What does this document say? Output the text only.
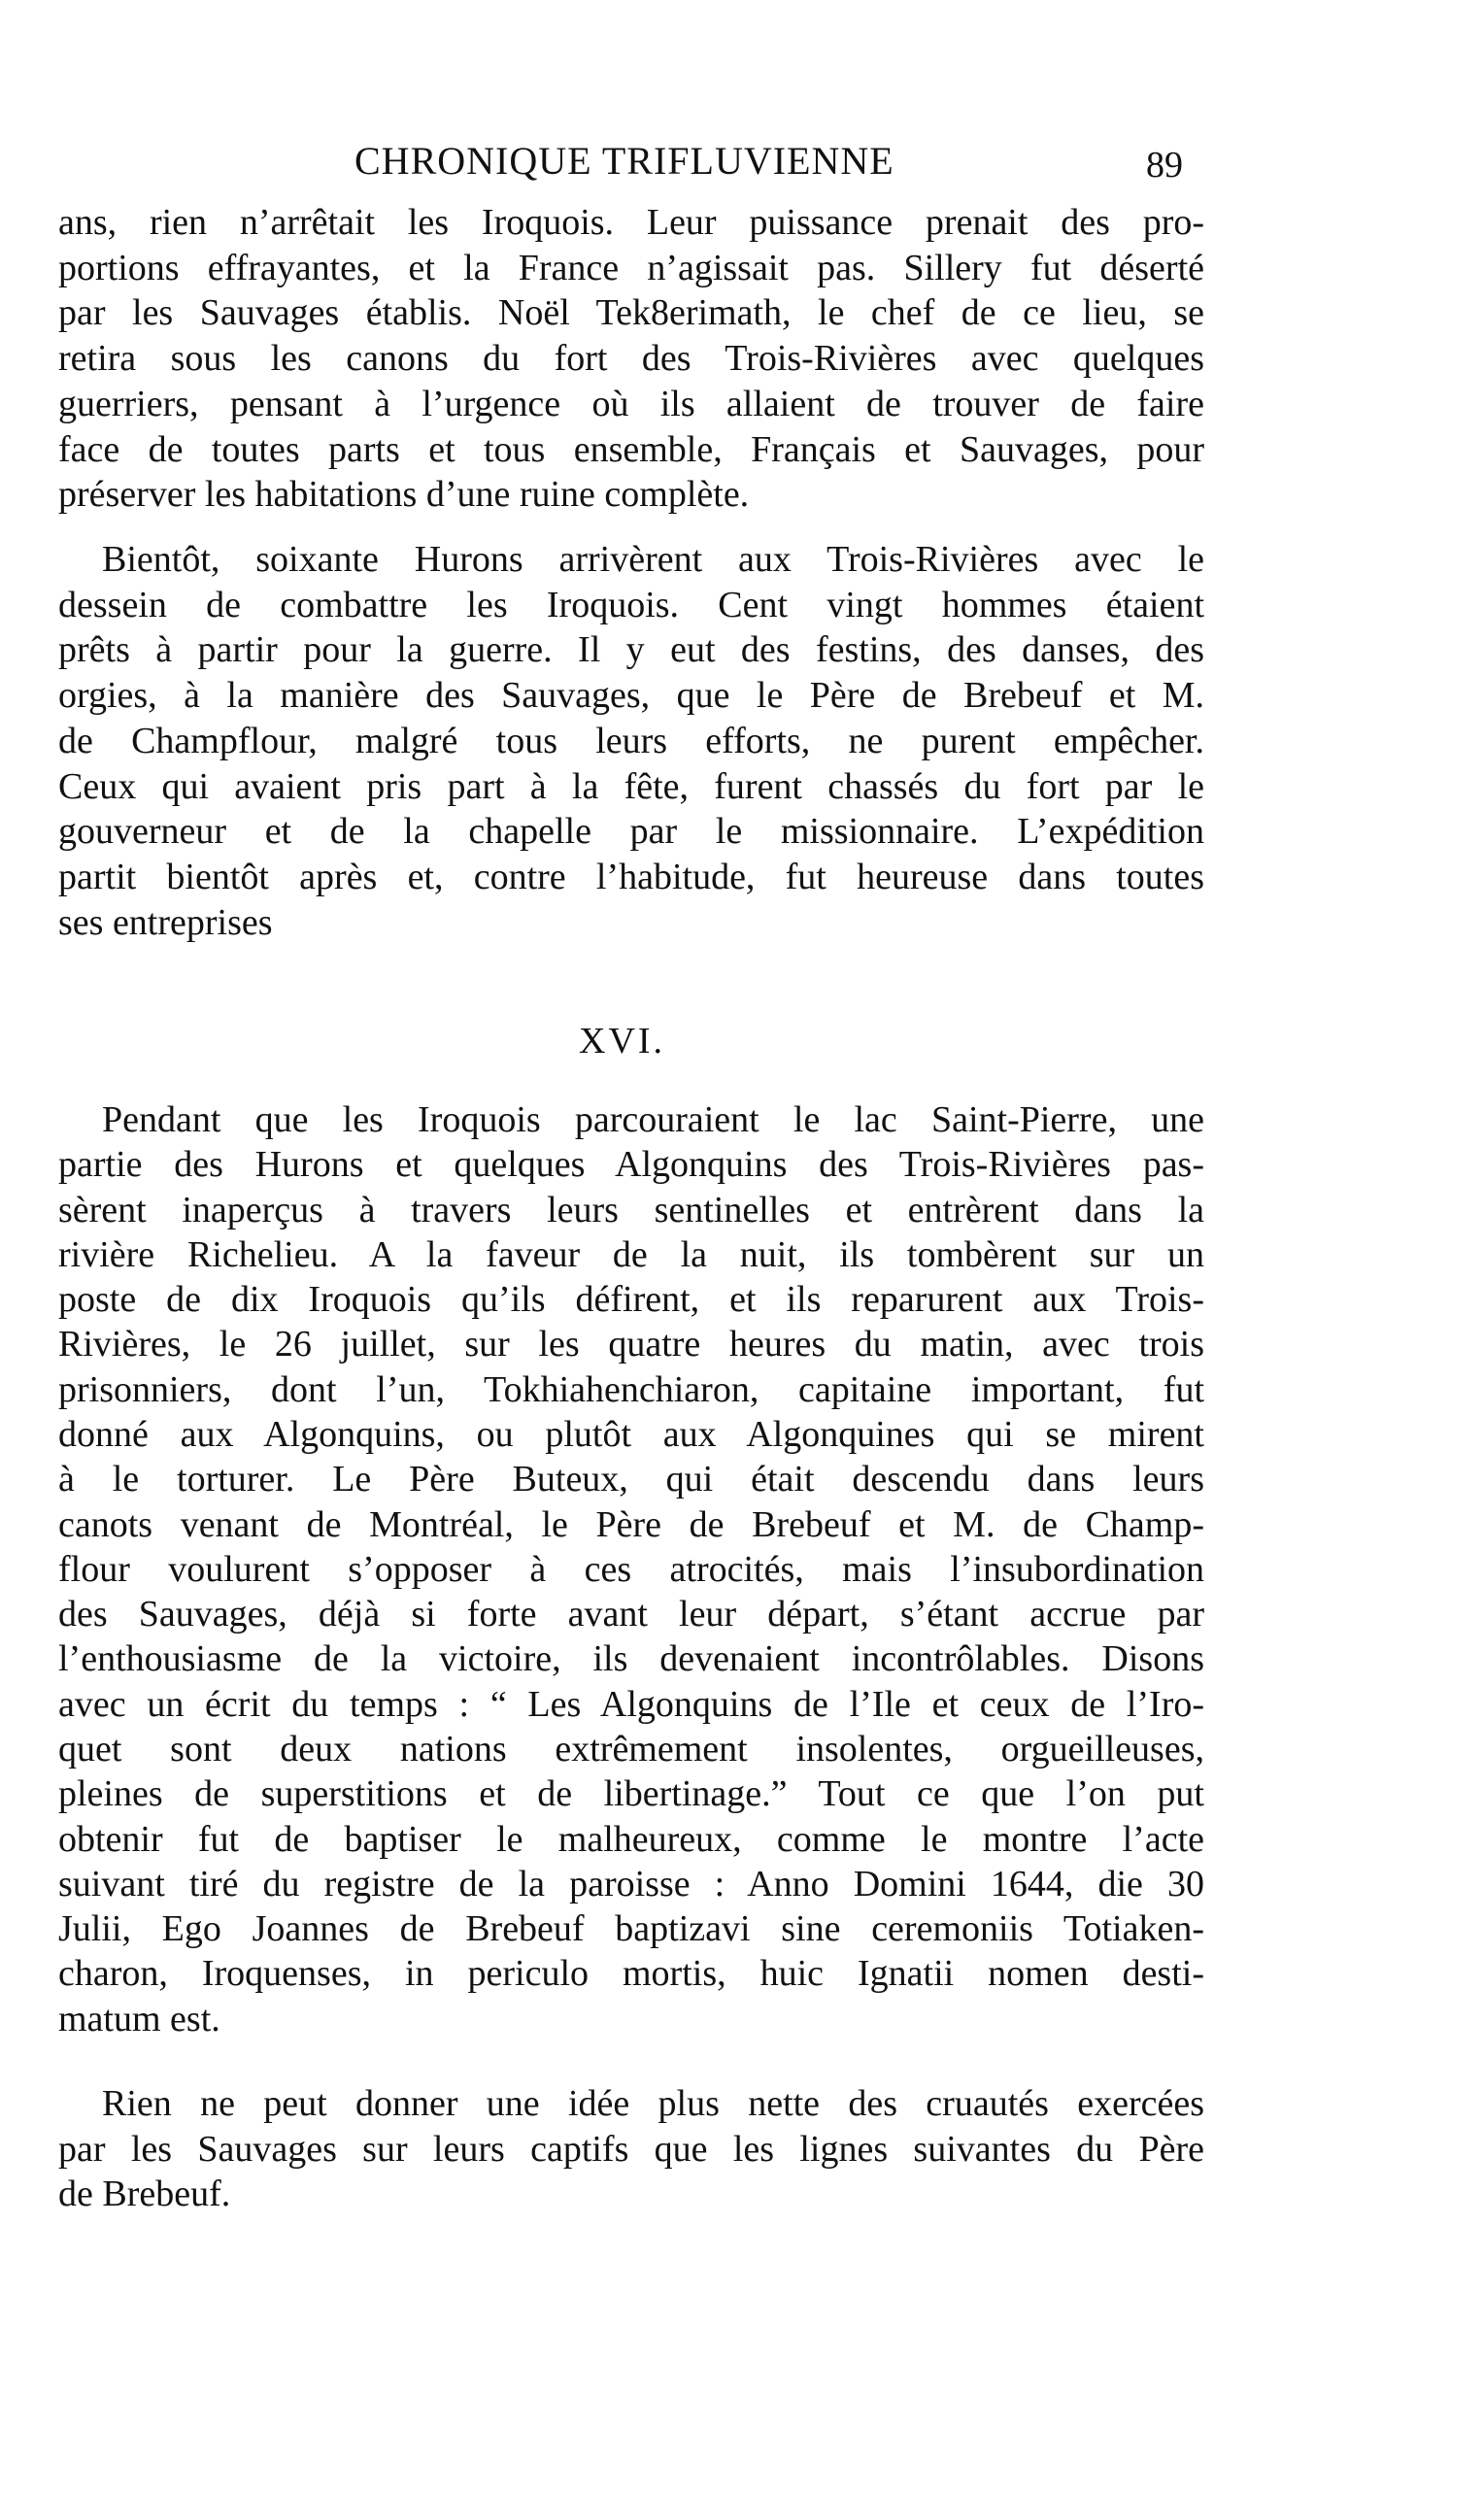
CHRONIQUE TRIFLUVIENNE	89

ans, rien n’arrêtait les Iroquois. Leur puissance prenait des pro-
portions effrayantes, et la France n’agissait pas. Sillery fut déserté
par les Sauvages établis. Noël Tek8erimath, le chef de ce lieu, se
retira sous les canons du fort des Trois-Rivières avec quelques
guerriers, pensant à l’urgence où ils allaient de trouver de faire
face de toutes parts et tous ensemble, Français et Sauvages, pour
préserver les habitations d’une ruine complète.

Bientôt, soixante Hurons arrivèrent aux Trois-Rivières avec le
dessein de combattre les Iroquois. Cent vingt hommes étaient
prêts à partir pour la guerre. Il y eut des festins, des danses, des
orgies, à la manière des Sauvages, que le Père de Brebeuf et M.
de Champflour, malgré tous leurs efforts, ne purent empêcher.
Ceux qui avaient pris part à la fête, furent chassés du fort par le
gouverneur et de la chapelle par le missionnaire. L’expédition
partit bientôt après et, contre l’habitude, fut heureuse dans toutes
ses entreprises

XVI.

Pendant que les Iroquois parcouraient le lac Saint-Pierre, une
partie des Hurons et quelques Algonquins des Trois-Rivières pas-
sèrent inaperçus à travers leurs sentinelles et entrèrent dans la
rivière Richelieu. A la faveur de la nuit, ils tombèrent sur un
poste de dix Iroquois qu’ils défirent, et ils reparurent aux Trois-
Rivières, le 26 juillet, sur les quatre heures du matin, avec trois
prisonniers, dont l’un, Tokhiahenchiaron, capitaine important, fut
donné aux Algonquins, ou plutôt aux Algonquines qui se mirent
à le torturer. Le Père Buteux, qui était descendu dans leurs
canots venant de Montréal, le Père de Brebeuf et M. de Champ-
flour voulurent s’opposer à ces atrocités, mais l’insubordination
des Sauvages, déjà si forte avant leur départ, s’étant accrue par
l’enthousiasme de la victoire, ils devenaient incontrôlables. Disons
avec un écrit du temps : “ Les Algonquins de l’Ile et ceux de l’Iro-
quet sont deux nations extrêmement insolentes, orgueilleuses,
pleines de superstitions et de libertinage.” Tout ce que l’on put
obtenir fut de baptiser le malheureux, comme le montre l’acte
suivant tiré du registre de la paroisse : Anno Domini 1644, die 30
Julii, Ego Joannes de Brebeuf baptizavi sine ceremoniis Totiaken-
charon, Iroquenses, in periculo mortis, huic Ignatii nomen desti-
matum est.

Rien ne peut donner une idée plus nette des cruautés exercées
par les Sauvages sur leurs captifs que les lignes suivantes du Père
de Brebeuf.
